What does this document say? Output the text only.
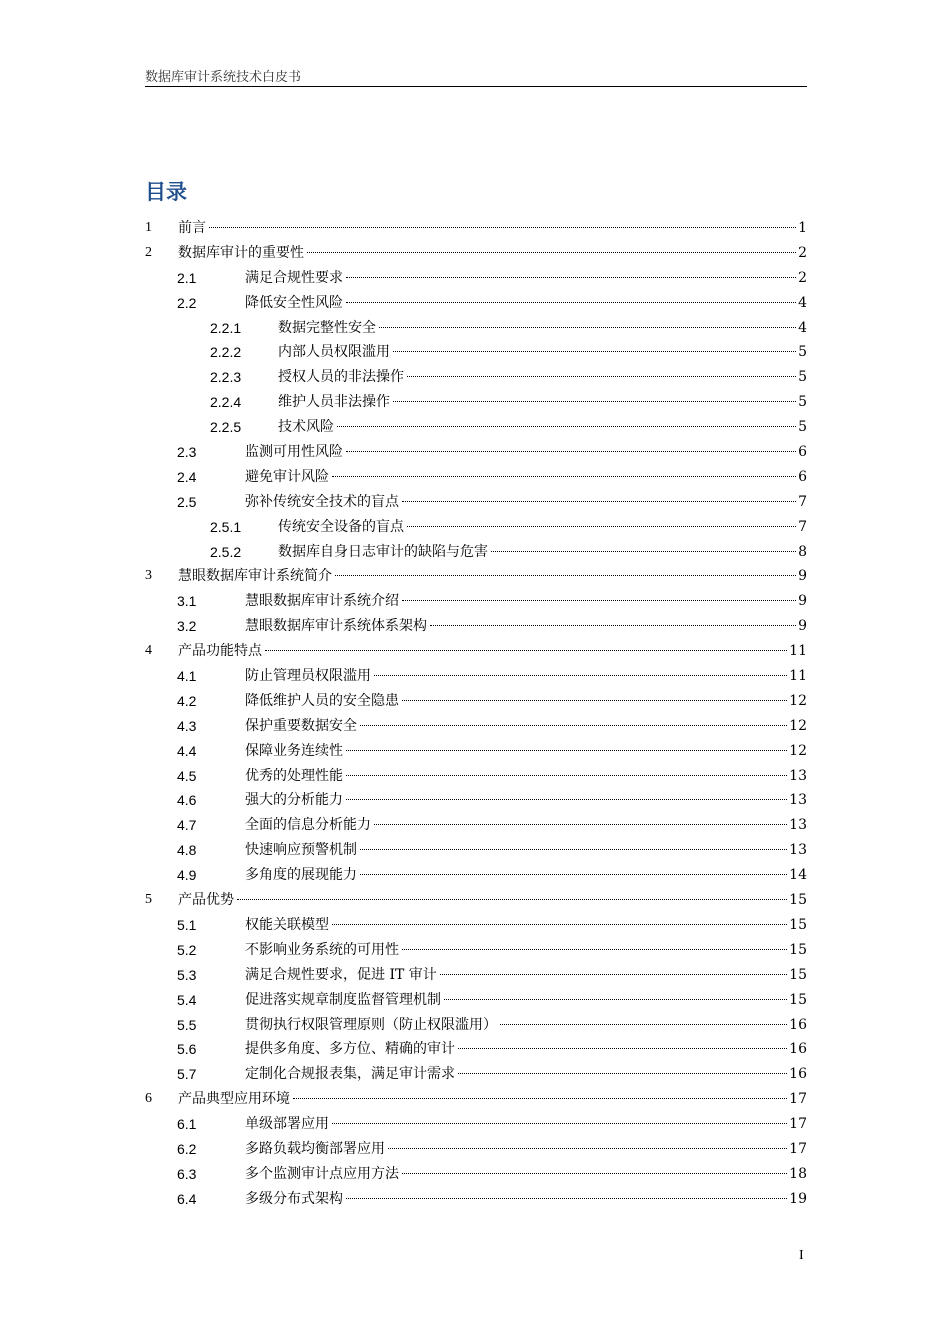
数据库审计系统技术白皮书
目录
1 前言	1
2 数据库审计的重要性	2
2.1	满足合规性要求	2
2.2	降低安全性风险	4
2.2.1	数据完整性安全	4
2.2.2	内部人员权限滥用	5
2.2.3	授权人员的非法操作	5
2.2.4	维护人员非法操作	5
2.2.5	技术风险	5
2.3	监测可用性风险	6
2.4	避免审计风险	6
2.5	弥补传统安全技术的盲点	7
2.5.1	传统安全设备的盲点	7
2.5.2	数据库自身日志审计的缺陷与危害	8
3 慧眼数据库审计系统简介	9
3.1	慧眼数据库审计系统介绍	9
3.2	慧眼数据库审计系统体系架构	9
4 产品功能特点	11
4.1	防止管理员权限滥用	11
4.2	降低维护人员的安全隐患	12
4.3	保护重要数据安全	12
4.4	保障业务连续性	12
4.5	优秀的处理性能	13
4.6	强大的分析能力	13
4.7	全面的信息分析能力	13
4.8	快速响应预警机制	13
4.9	多角度的展现能力	14
5 产品优势	15
5.1	权能关联模型	15
5.2	不影响业务系统的可用性	15
5.3	满足合规性要求，促进 IT 审计	15
5.4	促进落实规章制度监督管理机制	15
5.5	贯彻执行权限管理原则（防止权限滥用）	16
5.6	提供多角度、多方位、精确的审计	16
5.7	定制化合规报表集，满足审计需求	16
6 产品典型应用环境	17
6.1	单级部署应用	17
6.2	多路负载均衡部署应用	17
6.3	多个监测审计点应用方法	18
6.4	多级分布式架构	19
I
